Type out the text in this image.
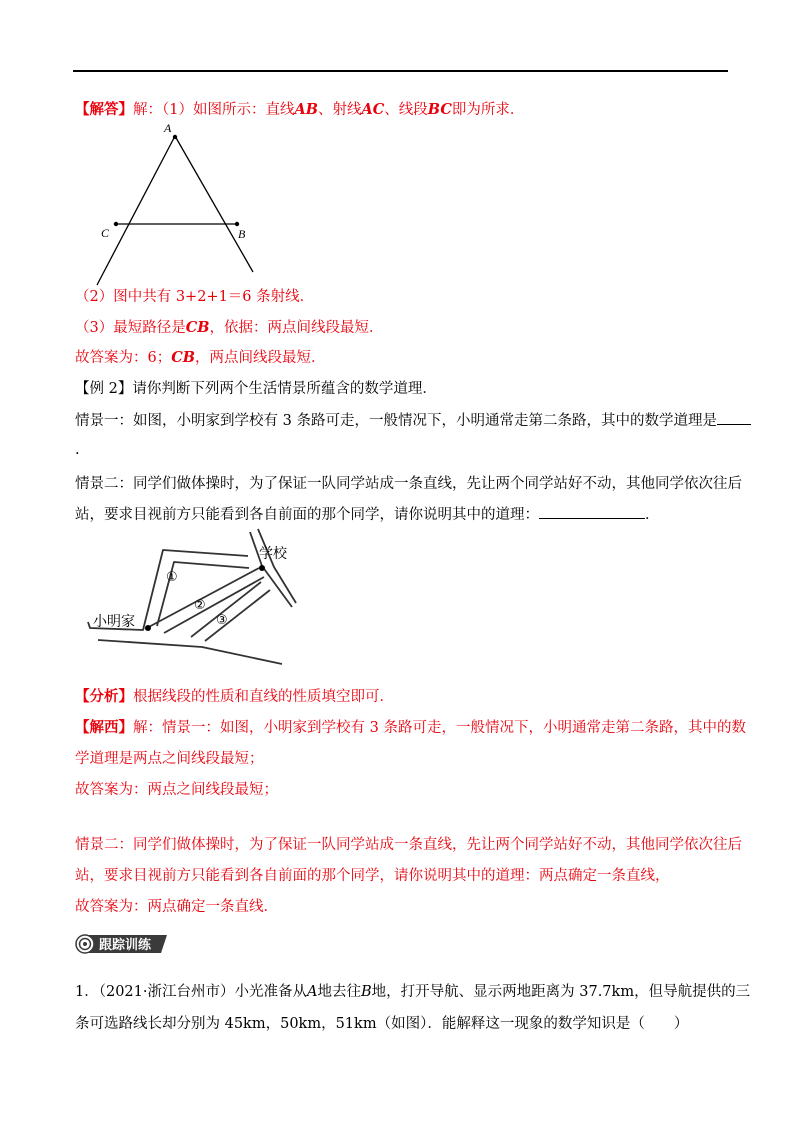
【解答】解：（1）如图所示：直线AB、射线AC、线段BC即为所求．
A
C	B
（2）图中共有 3+2+1＝6 条射线．
（3）最短路径是CB，依据：两点间线段最短．
故答案为：6；CB，两点间线段最短．
【例 2】请你判断下列两个生活情景所蕴含的数学道理．
情景一：如图，小明家到学校有 3 条路可走，一般情况下，小明通常走第二条路，其中的数学道理是
.
情景二：同学们做体操时，为了保证一队同学站成一条直线，先让两个同学站好不动，其他同学依次往后
站，要求目视前方只能看到各自前面的那个同学，请你说明其中的道理：	．
学校
小明家
①
②
③
【分析】根据线段的性质和直线的性质填空即可．
【解西】解：情景一：如图，小明家到学校有 3 条路可走，一般情况下，小明通常走第二条路，其中的数
学道理是两点之间线段最短；
故答案为：两点之间线段最短；
情景二：同学们做体操时，为了保证一队同学站成一条直线，先让两个同学站好不动，其他同学依次往后
站，要求目视前方只能看到各自前面的那个同学，请你说明其中的道理：两点确定一条直线，
故答案为：两点确定一条直线．
跟踪训练
1．（2021·浙江台州市）小光准备从A地去往B地，打开导航、显示两地距离为 37.7km，但导航提供的三
条可选路线长却分别为 45km，50km，51km（如图）．能解释这一现象的数学知识是（　　）
